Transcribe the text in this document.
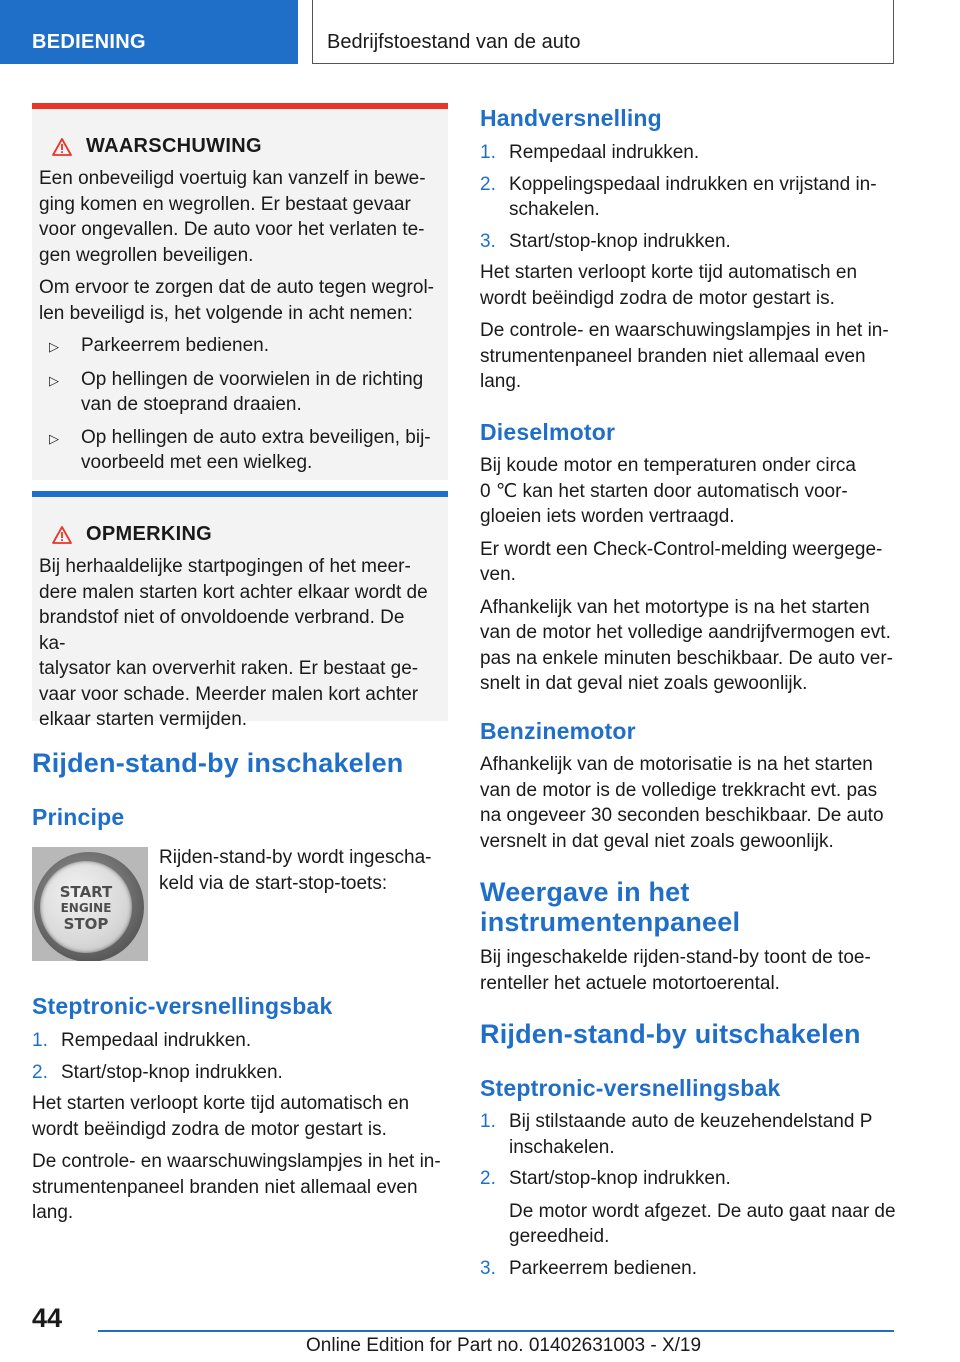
BEDIENING	Bedrijfstoestand van de auto
WAARSCHUWING
Een onbeveiligd voertuig kan vanzelf in bewe-
ging komen en wegrollen. Er bestaat gevaar
voor ongevallen. De auto voor het verlaten te-
gen wegrollen beveiligen.
Om ervoor te zorgen dat de auto tegen wegrol-
len beveiligd is, het volgende in acht nemen:
▷	Parkeerrem bedienen.
▷	Op hellingen de voorwielen in de richting
van de stoeprand draaien.
▷	Op hellingen de auto extra beveiligen, bij-
voorbeeld met een wielkeg.
OPMERKING
Bij herhaaldelijke startpogingen of het meer-
dere malen starten kort achter elkaar wordt de
brandstof niet of onvoldoende verbrand. De ka-
talysator kan oververhit raken. Er bestaat ge-
vaar voor schade. Meerder malen kort achter
elkaar starten vermijden.
Rijden-stand-by inschakelen
Principe
Rijden-stand-by wordt ingescha-
keld via de start-stop-toets:
START
ENGINE
STOP
Steptronic-versnellingsbak
1. Rempedaal indrukken.
2. Start/stop-knop indrukken.
Het starten verloopt korte tijd automatisch en
wordt beëindigd zodra de motor gestart is.
De controle- en waarschuwingslampjes in het in-
strumentenpaneel branden niet allemaal even
lang.
Handversnelling
1. Rempedaal indrukken.
2. Koppelingspedaal indrukken en vrijstand in-
schakelen.
3. Start/stop-knop indrukken.
Het starten verloopt korte tijd automatisch en
wordt beëindigd zodra de motor gestart is.
De controle- en waarschuwingslampjes in het in-
strumentenpaneel branden niet allemaal even
lang.
Dieselmotor
Bij koude motor en temperaturen onder circa
0 ℃ kan het starten door automatisch voor-
gloeien iets worden vertraagd.
Er wordt een Check-Control-melding weergege-
ven.
Afhankelijk van het motortype is na het starten
van de motor het volledige aandrijfvermogen evt.
pas na enkele minuten beschikbaar. De auto ver-
snelt in dat geval niet zoals gewoonlijk.
Benzinemotor
Afhankelijk van de motorisatie is na het starten
van de motor is de volledige trekkracht evt. pas
na ongeveer 30 seconden beschikbaar. De auto
versnelt in dat geval niet zoals gewoonlijk.
Weergave in het
instrumentenpaneel
Bij ingeschakelde rijden-stand-by toont de toe-
renteller het actuele motortoerental.
Rijden-stand-by uitschakelen
Steptronic-versnellingsbak
1. Bij stilstaande auto de keuzehendelstand P
inschakelen.
2. Start/stop-knop indrukken.
De motor wordt afgezet. De auto gaat naar de
gereedheid.
3. Parkeerrem bedienen.
44
Online Edition for Part no. 01402631003 - X/19
